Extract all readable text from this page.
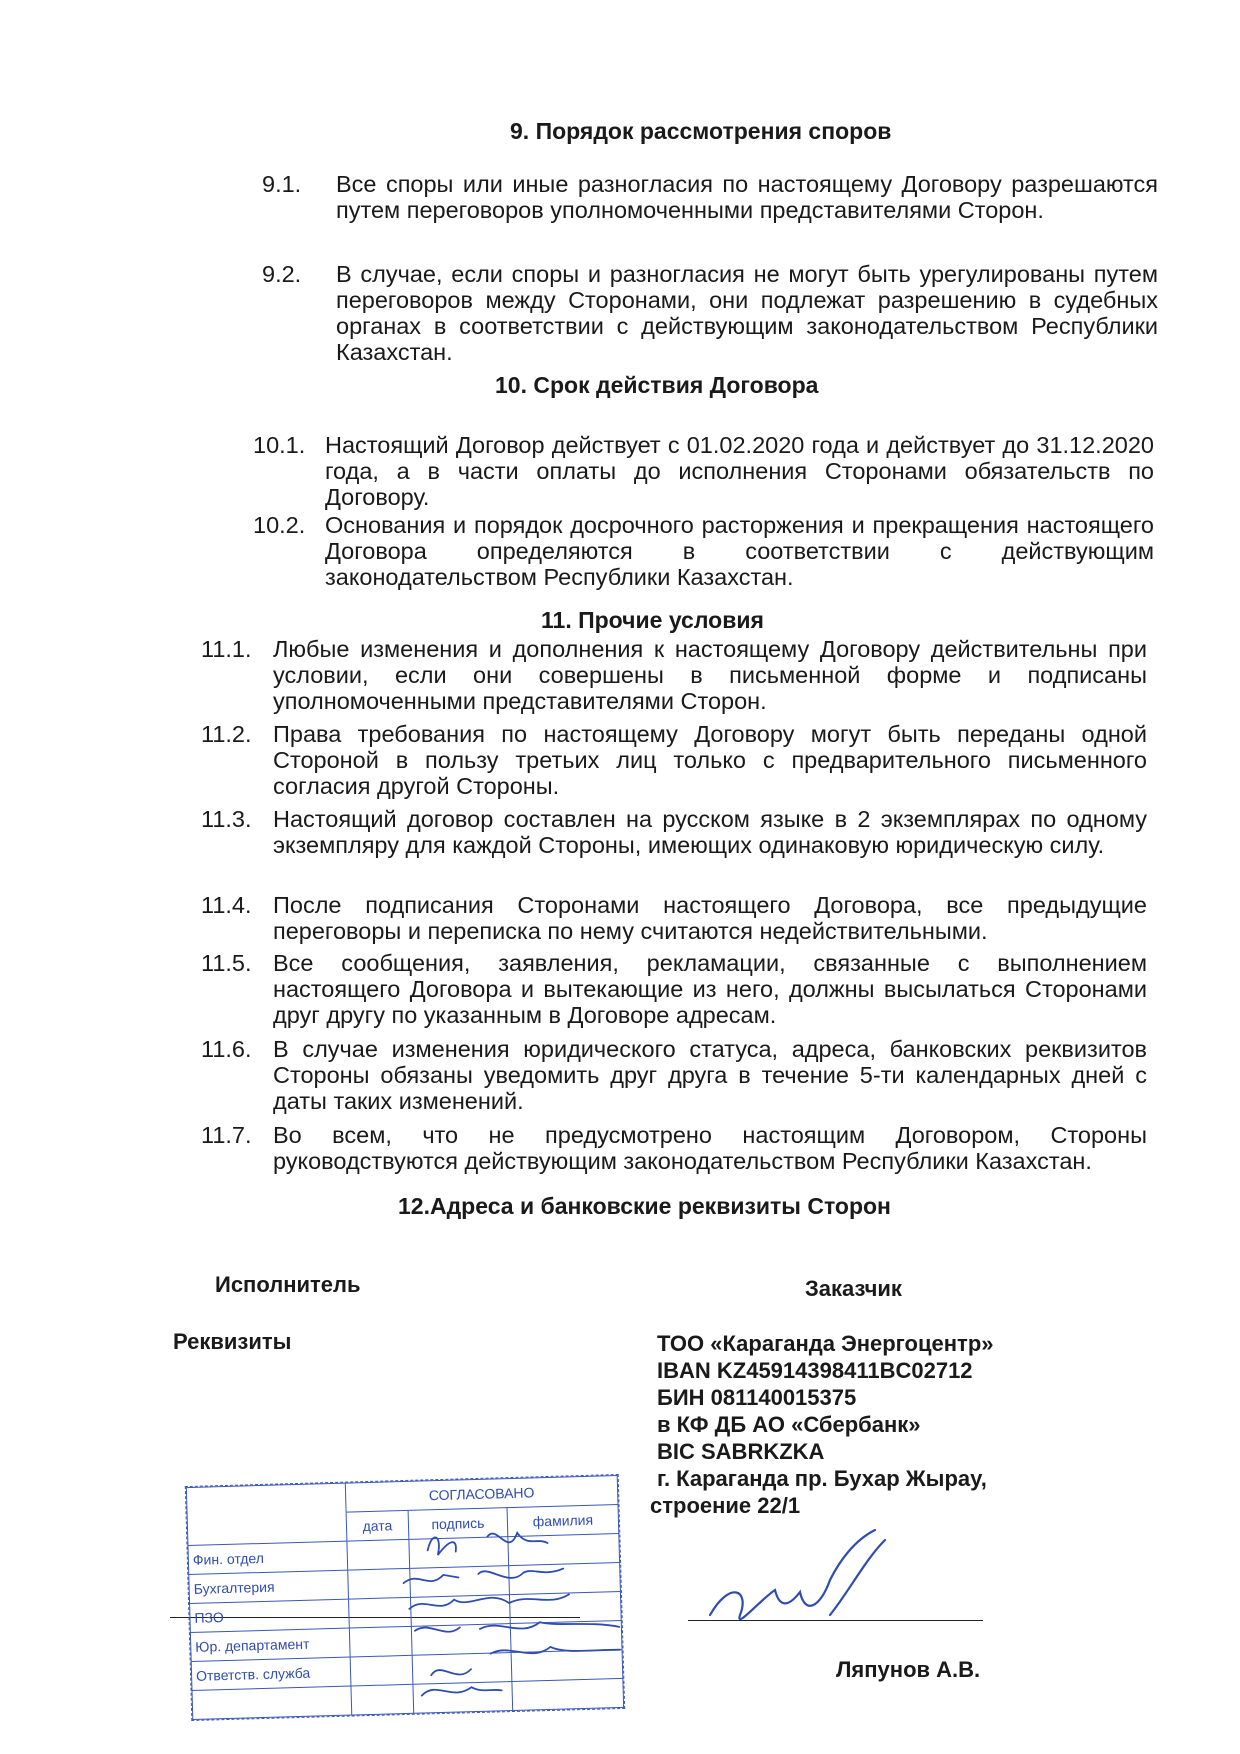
9. Порядок рассмотрения споров
9.1. Все споры или иные разногласия по настоящему Договору разрешаются путем переговоров уполномоченными представителями Сторон.
9.2. В случае, если споры и разногласия не могут быть урегулированы путем переговоров между Сторонами, они подлежат разрешению в судебных органах в соответствии с действующим законодательством Республики Казахстан.
10. Срок действия Договора
10.1. Настоящий Договор действует с 01.02.2020 года и действует до 31.12.2020 года, а в части оплаты до исполнения Сторонами обязательств по Договору.
10.2. Основания и порядок досрочного расторжения и прекращения настоящего Договора определяются в соответствии с действующим законодательством Республики Казахстан.
11. Прочие условия
11.1. Любые изменения и дополнения к настоящему Договору действительны при условии, если они совершены в письменной форме и подписаны уполномоченными представителями Сторон.
11.2. Права требования по настоящему Договору могут быть переданы одной Стороной в пользу третьих лиц только с предварительного письменного согласия другой Стороны.
11.3. Настоящий договор составлен на русском языке в 2 экземплярах по одному экземпляру для каждой Стороны, имеющих одинаковую юридическую силу.
11.4. После подписания Сторонами настоящего Договора, все предыдущие переговоры и переписка по нему считаются недействительными.
11.5. Все сообщения, заявления, рекламации, связанные с выполнением настоящего Договора и вытекающие из него, должны высылаться Сторонами друг другу по указанным в Договоре адресам.
11.6. В случае изменения юридического статуса, адреса, банковских реквизитов Стороны обязаны уведомить друг друга в течение 5-ти календарных дней с даты таких изменений.
11.7. Во всем, что не предусмотрено настоящим Договором, Стороны руководствуются действующим законодательством Республики Казахстан.
12.Адреса и банковские реквизиты Сторон
Исполнитель	Заказчик
Реквизиты	ТОО «Караганда Энергоцентр»
IBAN KZ45914398411BC02712
БИН 081140015375
в КФ ДБ АО «Сбербанк»
BIC SABRKZKA
г. Караганда пр. Бухар Жырау,
строение 22/1
Ляпунов А.В.
	СОГЛАСОВАНО		
	дата	подпись	фамилия
Фин. отдел			
Бухгалтерия			
ПЗО			
Юр. департамент			
Ответств. служба			
